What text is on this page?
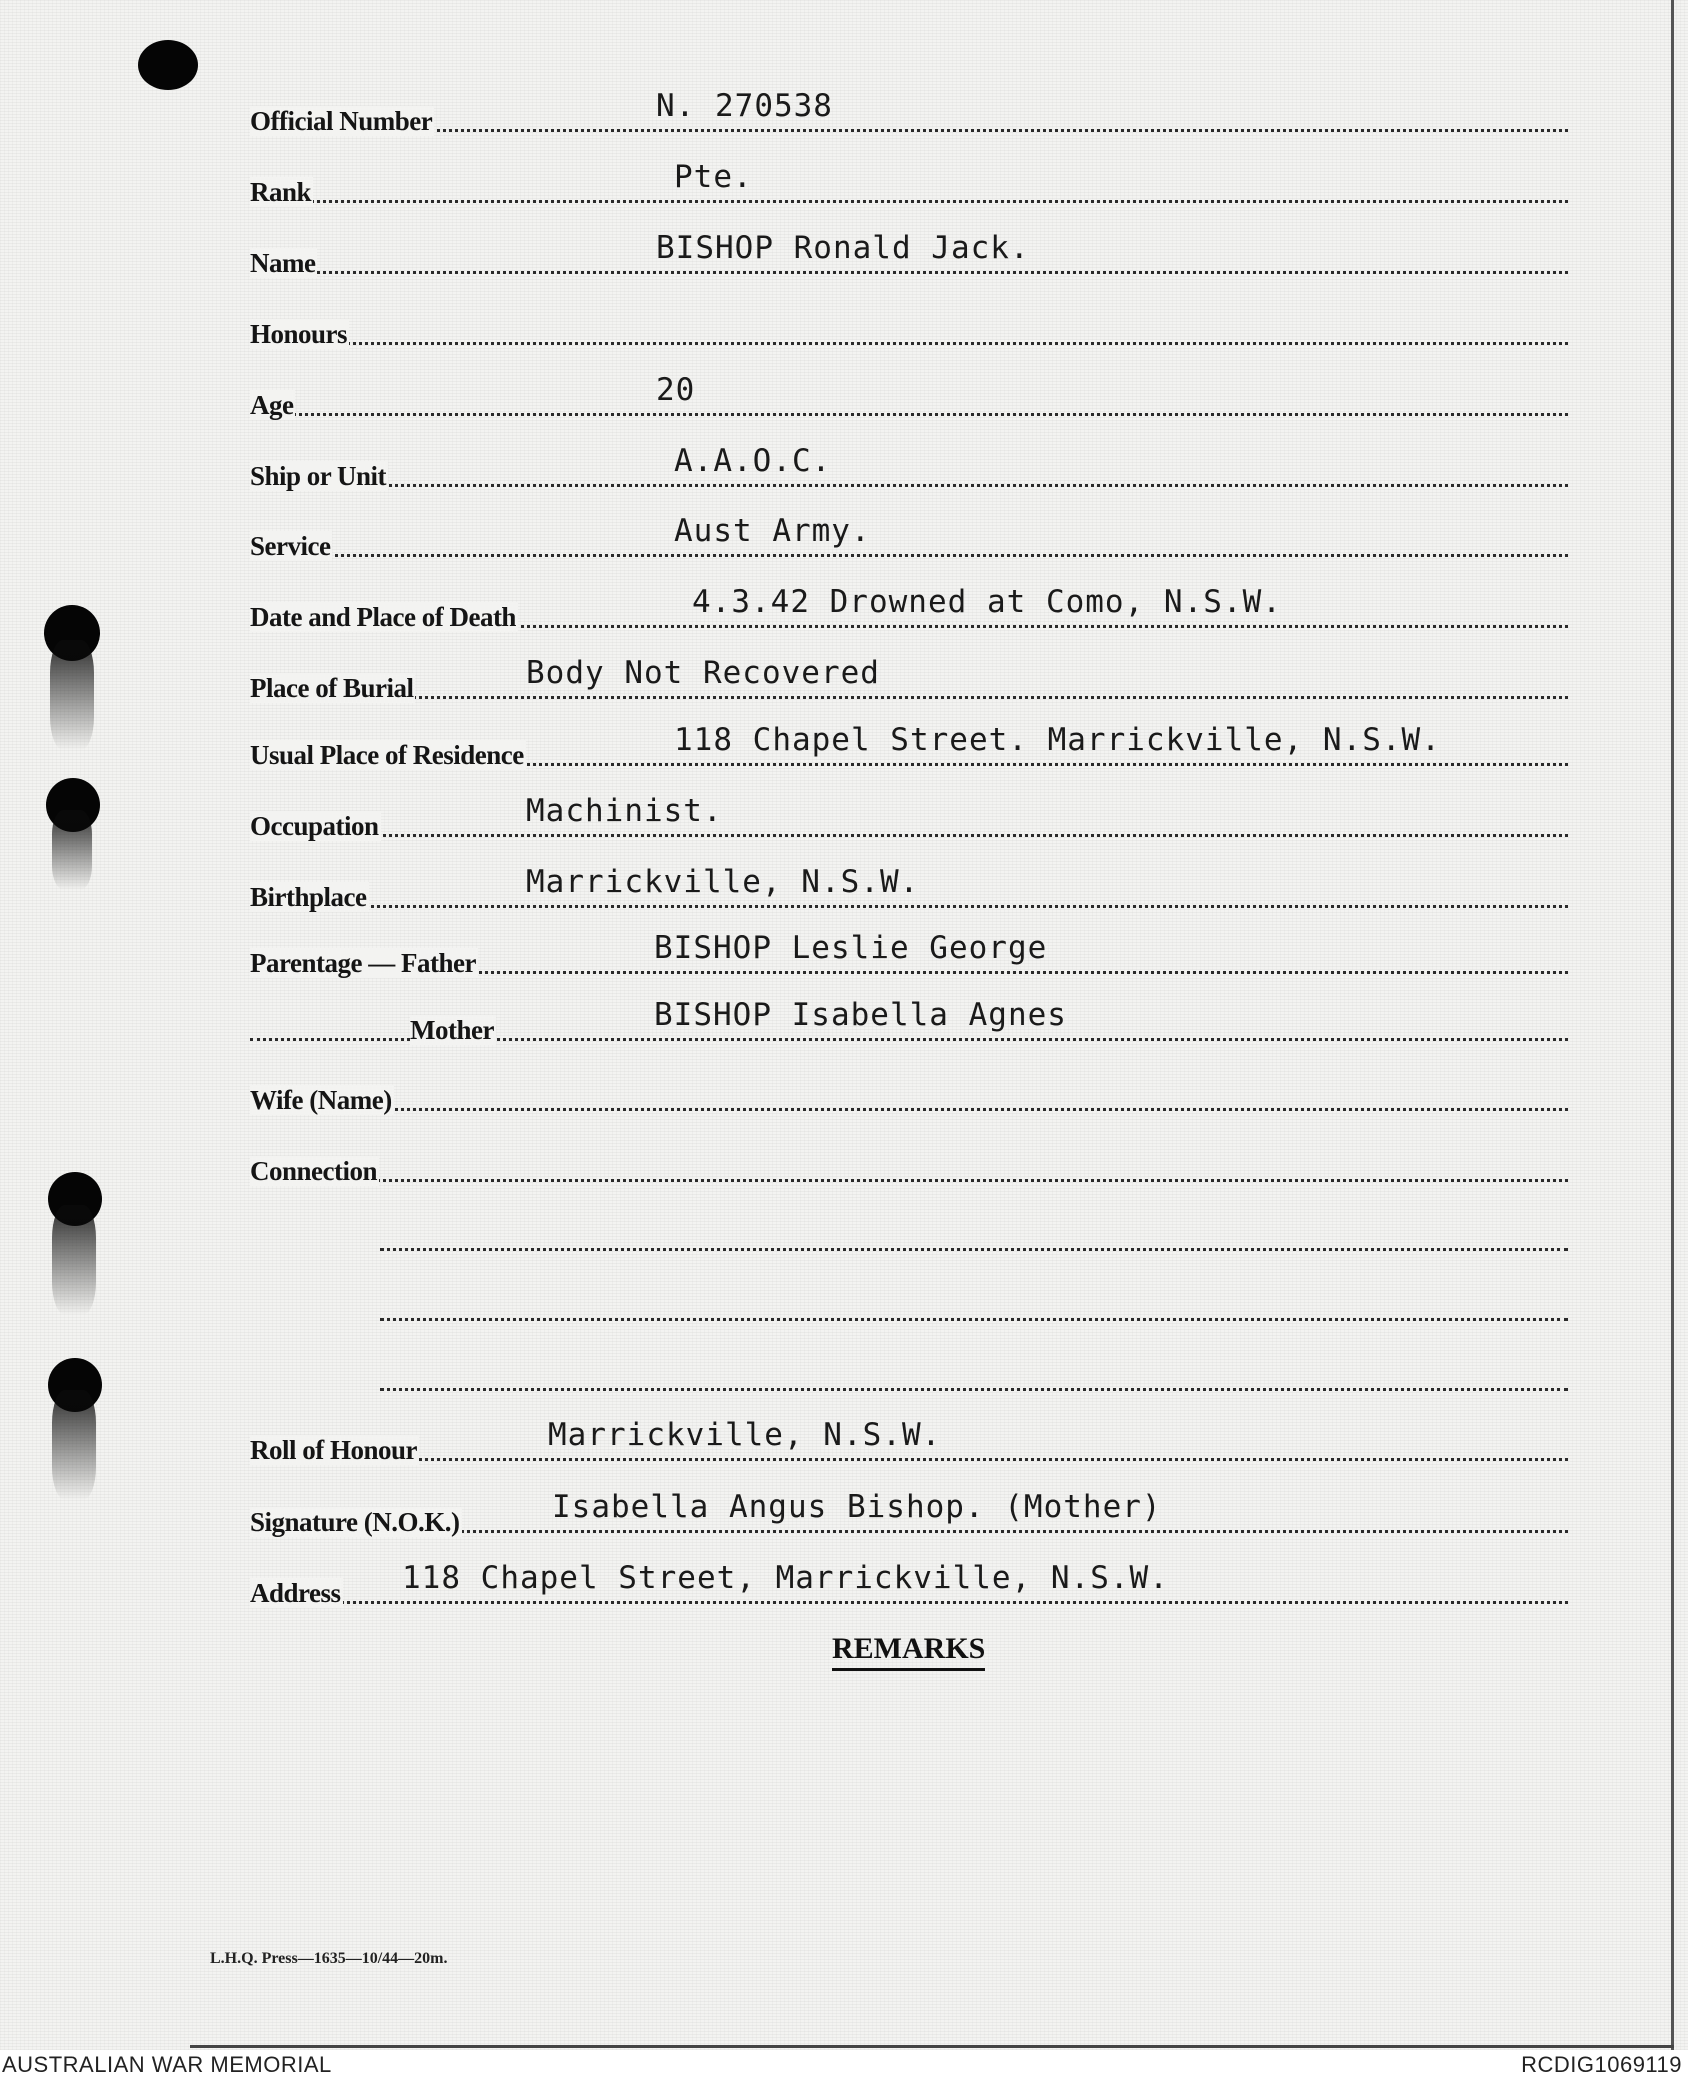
Official Number	N. 270538
Rank	Pte.
Name	BISHOP Ronald Jack.
Honours
Age	20
Ship or Unit	A.A.O.C.
Service	Aust Army.
Date and Place of Death	4.3.42 Drowned at Como, N.S.W.
Place of Burial	Body Not Recovered
Usual Place of Residence	118 Chapel Street. Marrickville, N.S.W.
Occupation	Machinist.
Birthplace	Marrickville, N.S.W.
Parentage — Father	BISHOP Leslie George
Mother	BISHOP Isabella Agnes
Wife (Name)
Connection
Roll of Honour	Marrickville, N.S.W.
Signature (N.O.K.)	Isabella Angus Bishop. (Mother)
Address 118 Chapel Street, Marrickville, N.S.W.
REMARKS
L.H.Q. Press—1635—10/44—20m.
AUSTRALIAN WAR MEMORIAL	RCDIG1069119
